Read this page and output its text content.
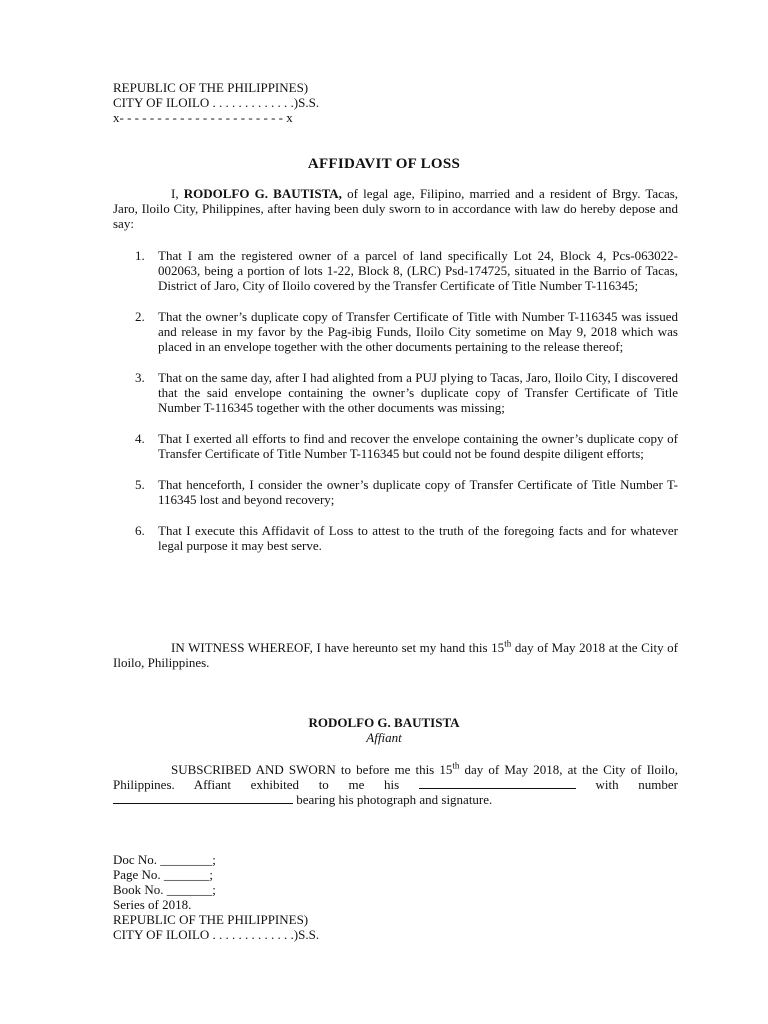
REPUBLIC OF THE PHILIPPINES)
CITY OF ILOILO . . . . . . . . . . . . .)S.S.
x- - - - - - - - - - - - - - - - - - - - - - x
AFFIDAVIT OF LOSS
I, RODOLFO G. BAUTISTA, of legal age, Filipino, married and a resident of Brgy. Tacas, Jaro, Iloilo City, Philippines, after having been duly sworn to in accordance with law do hereby depose and say:
1. That I am the registered owner of a parcel of land specifically Lot 24, Block 4, Pcs-063022-002063, being a portion of lots 1-22, Block 8, (LRC) Psd-174725, situated in the Barrio of Tacas, District of Jaro, City of Iloilo covered by the Transfer Certificate of Title Number T-116345;
2. That the owner’s duplicate copy of Transfer Certificate of Title with Number T-116345 was issued and release in my favor by the Pag-ibig Funds, Iloilo City sometime on May 9, 2018 which was placed in an envelope together with the other documents pertaining to the release thereof;
3. That on the same day, after I had alighted from a PUJ plying to Tacas, Jaro, Iloilo City, I discovered that the said envelope containing the owner’s duplicate copy of Transfer Certificate of Title Number T-116345 together with the other documents was missing;
4. That I exerted all efforts to find and recover the envelope containing the owner’s duplicate copy of Transfer Certificate of Title Number T-116345 but could not be found despite diligent efforts;
5. That henceforth, I consider the owner’s duplicate copy of Transfer Certificate of Title Number T-116345 lost and beyond recovery;
6. That I execute this Affidavit of Loss to attest to the truth of the foregoing facts and for whatever legal purpose it may best serve.
IN WITNESS WHEREOF, I have hereunto set my hand this 15th day of May 2018 at the City of Iloilo, Philippines.
RODOLFO G. BAUTISTA
Affiant
SUBSCRIBED AND SWORN to before me this 15th day of May 2018, at the City of Iloilo, Philippines. Affiant exhibited to me his	with number  bearing his photograph and signature.
Doc No. ________;
Page No. _______;
Book No. _______;
Series of 2018.
REPUBLIC OF THE PHILIPPINES)
CITY OF ILOILO . . . . . . . . . . . . .)S.S.
